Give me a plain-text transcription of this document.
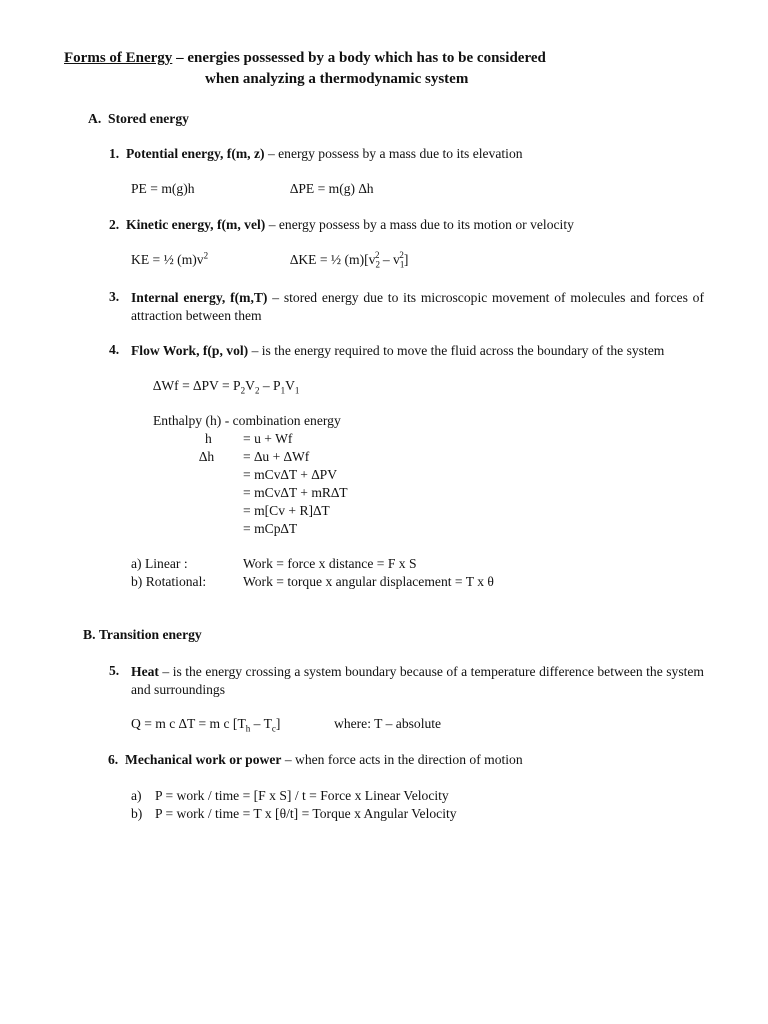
Forms of Energy – energies possessed by a body which has to be considered
when analyzing a thermodynamic system
A. Stored energy
1. Potential energy, f(m, z) – energy possess by a mass due to its elevation
PE = m(g)h	∆PE = m(g) ∆h
2. Kinetic energy, f(m, vel) – energy possess by a mass due to its motion or velocity
KE = ½ $(m)v^2$	∆KE = ½ $(m)[v_2^2 - v_1^2]$
3. Internal energy, f(m,T) – stored energy due to its microscopic movement of molecules and forces of attraction between them
4. Flow Work, f(p, vol) – is the energy required to move the fluid across the boundary of the system
$\Delta Wf = \Delta PV = P_2V_2 - P_1V_1$
Enthalpy (h) - combination energy
h = u + Wf
∆h = ∆u + ∆Wf
= mCv∆T + ∆PV
= mCv∆T + mR∆T
= m[Cv + R]∆T
= mCp∆T
a) Linear :	Work = force x distance = F x S
b) Rotational:	Work = torque x angular displacement = T x θ
B. Transition energy
5. Heat – is the energy crossing a system boundary because of a temperature difference between the system and surroundings
Q = m c ∆T = m c $[T_h - T_c]$	where: T – absolute
6. Mechanical work or power – when force acts in the direction of motion
a) P = work / time = [F x S] / t = Force x Linear Velocity
b) P = work / time = T x [θ/t] = Torque x Angular Velocity
